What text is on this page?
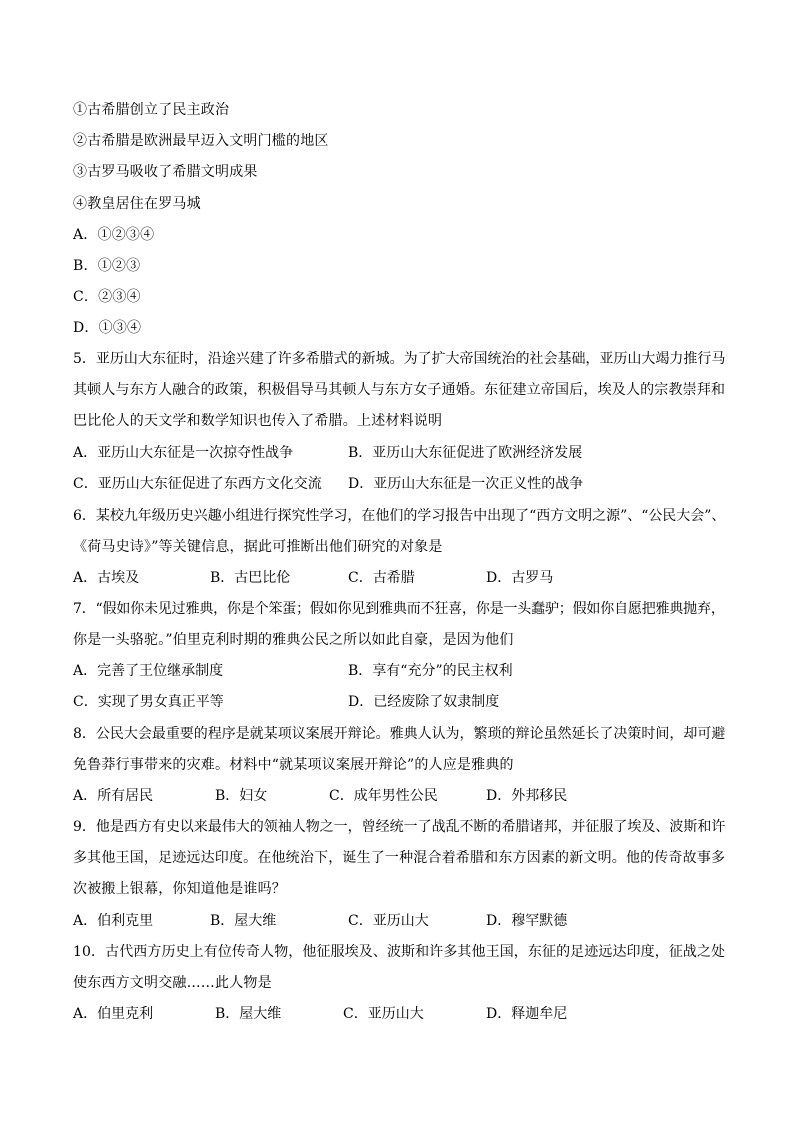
①古希腊创立了民主政治
②古希腊是欧洲最早迈入文明门槛的地区
③古罗马吸收了希腊文明成果
④教皇居住在罗马城
A．①②③④
B．①②③
C．②③④
D．①③④
5．亚历山大东征时，沿途兴建了许多希腊式的新城。为了扩大帝国统治的社会基础，亚历山大竭力推行马
其顿人与东方人融合的政策，积极倡导马其顿人与东方女子通婚。东征建立帝国后，埃及人的宗教崇拜和
巴比伦人的天文学和数学知识也传入了希腊。上述材料说明
A．亚历山大东征是一次掠夺性战争	B．亚历山大东征促进了欧洲经济发展
C．亚历山大东征促进了东西方文化交流 D．亚历山大东征是一次正义性的战争
6．某校九年级历史兴趣小组进行探究性学习，在他们的学习报告中出现了“西方文明之源”、“公民大会”、
《荷马史诗》”等关键信息，据此可推断出他们研究的对象是
A．古埃及	B．古巴比伦	C．古希腊	D．古罗马
7．“假如你未见过雅典，你是个笨蛋；假如你见到雅典而不狂喜，你是一头蠢驴；假如你自愿把雅典抛弃，
你是一头骆驼。”伯里克利时期的雅典公民之所以如此自豪，是因为他们
A．完善了王位继承制度	B．享有“充分”的民主权利
C．实现了男女真正平等	D．已经废除了奴隶制度
8．公民大会最重要的程序是就某项议案展开辩论。雅典人认为，繁琐的辩论虽然延长了决策时间，却可避
免鲁莽行事带来的灾难。材料中“就某项议案展开辩论”的人应是雅典的
A．所有居民	B．妇女	C．成年男性公民	D．外邦移民
9．他是西方有史以来最伟大的领袖人物之一，曾经统一了战乱不断的希腊诸邦，并征服了埃及、波斯和许
多其他王国，足迹远达印度。在他统治下，诞生了一种混合着希腊和东方因素的新文明。他的传奇故事多
次被搬上银幕，你知道他是谁吗？
A．伯利克里	B．屋大维	C．亚历山大	D．穆罕默德
10．古代西方历史上有位传奇人物，他征服埃及、波斯和许多其他王国，东征的足迹远达印度，征战之处
使东西方文明交融……此人物是
A．伯里克利	B．屋大维	C．亚历山大	D．释迦牟尼
